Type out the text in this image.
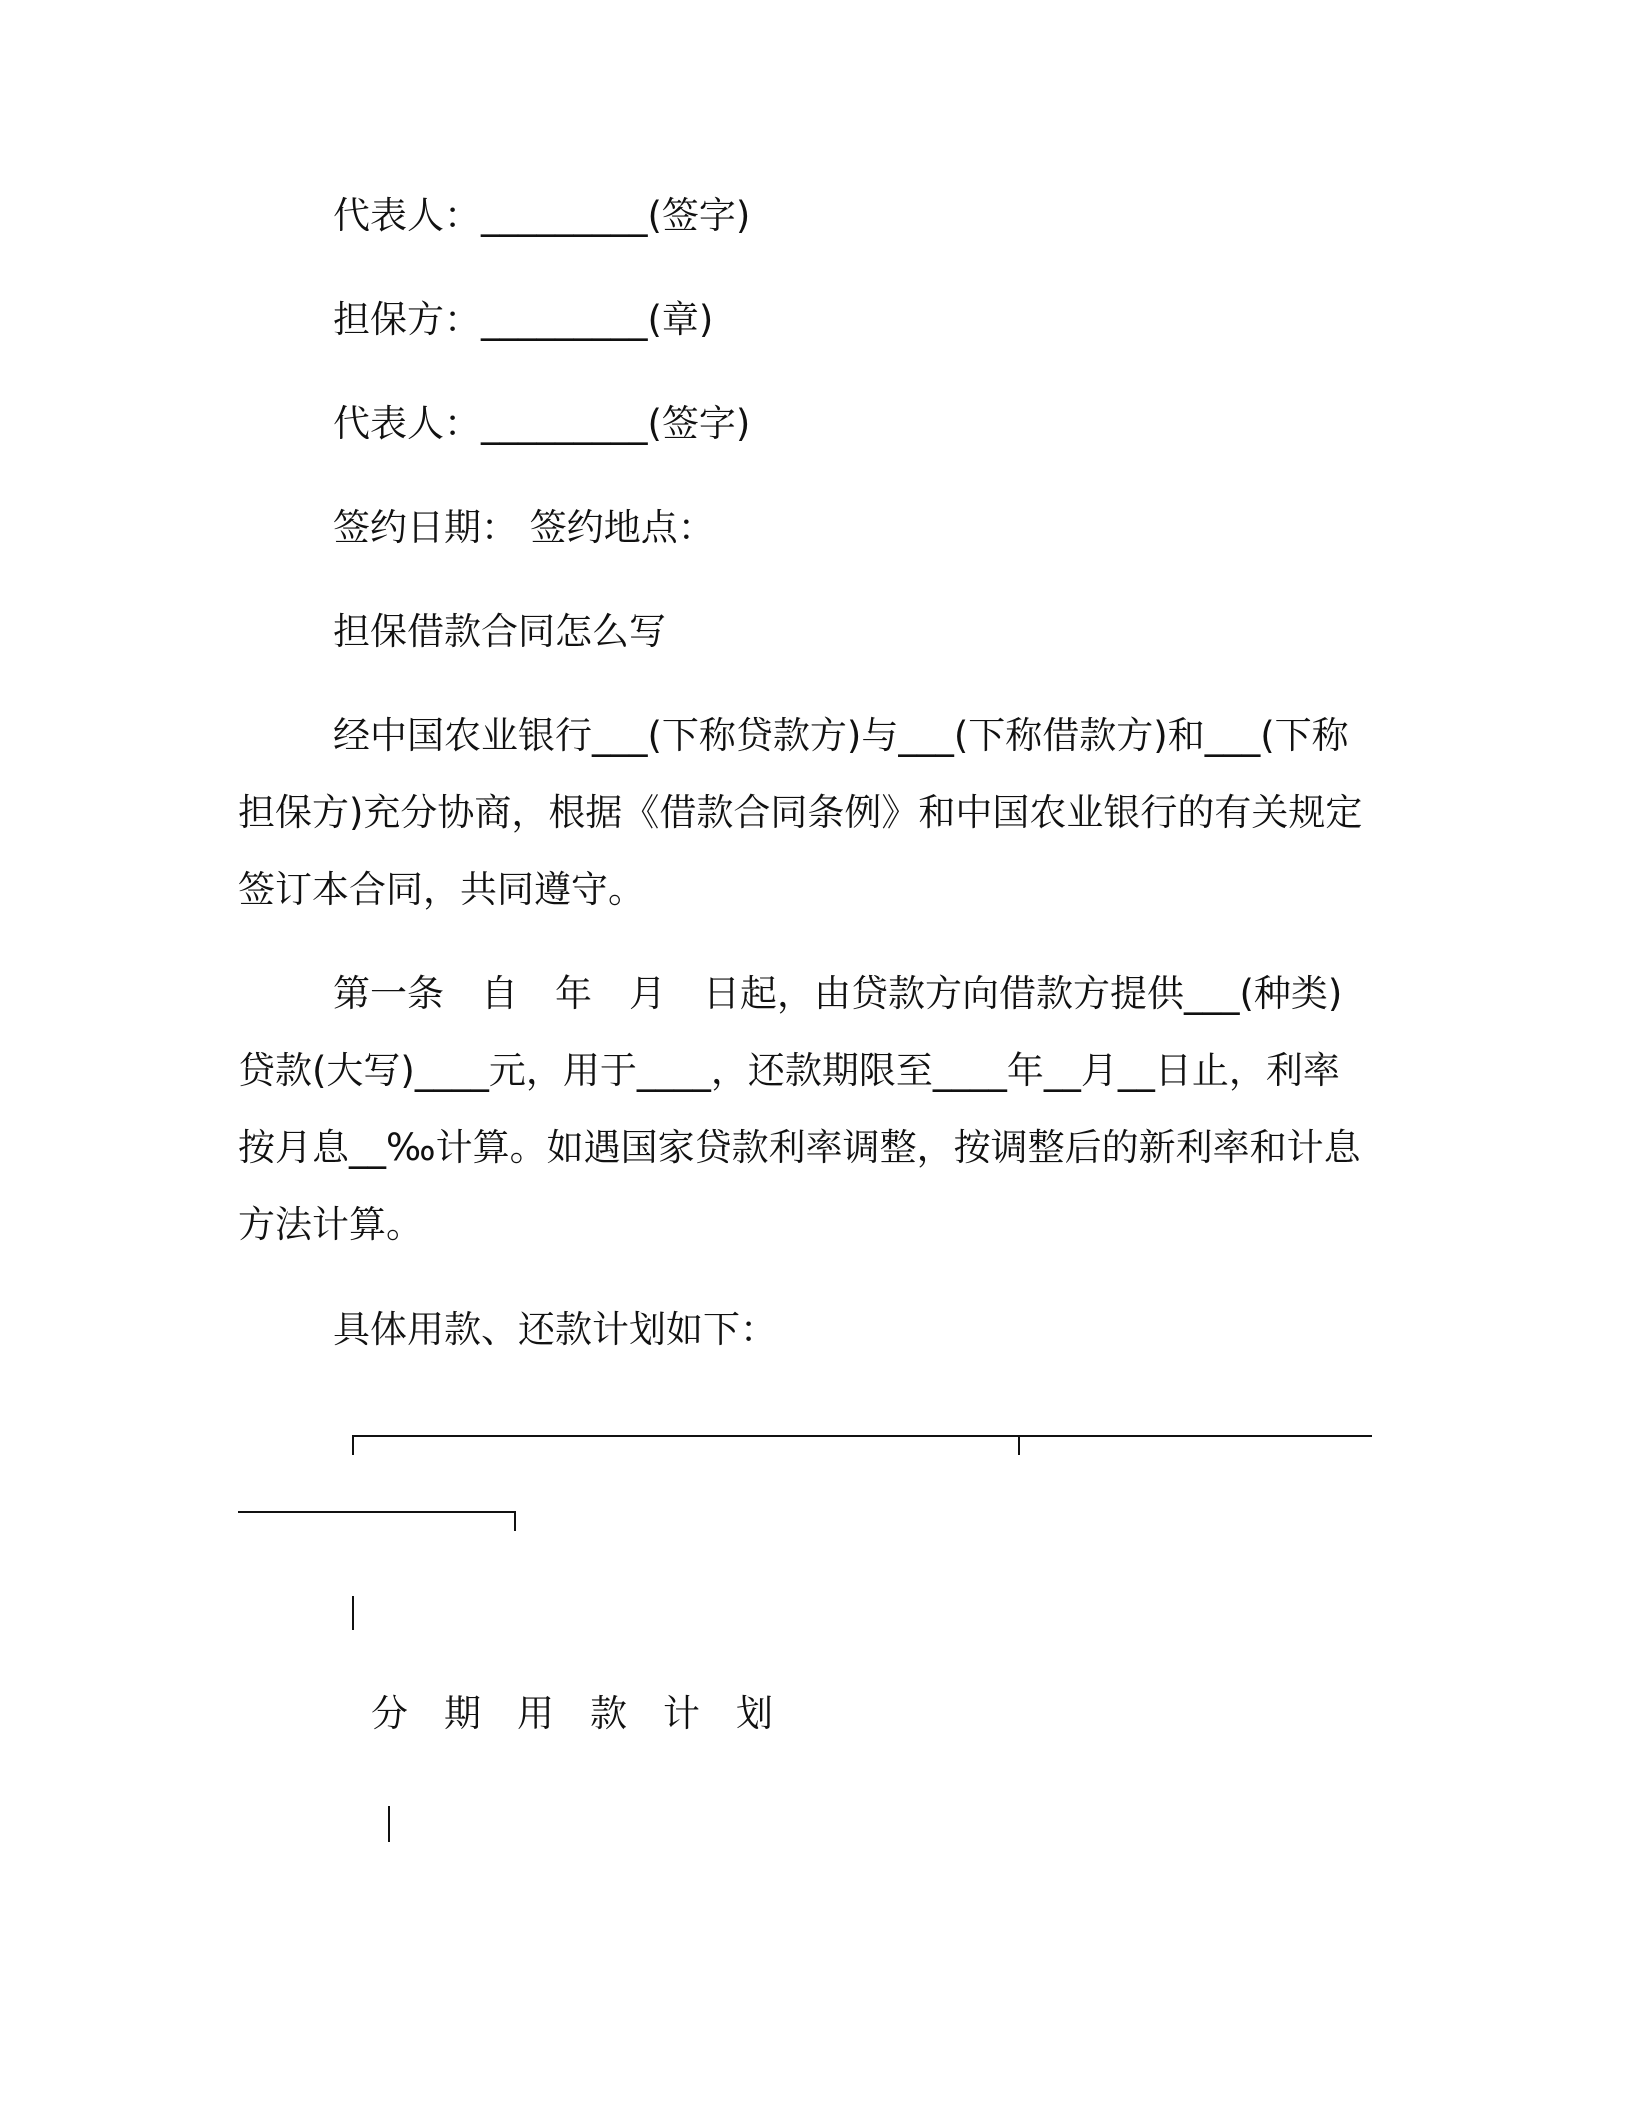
代表人：_________(签字)

担保方：_________(章)

代表人：_________(签字)

签约日期： 签约地点：

担保借款合同怎么写

经中国农业银行___(下称贷款方)与___(下称借款方)和___(下称

担保方)充分协商，根据《借款合同条例》和中国农业银行的有关规定

签订本合同，共同遵守。

第一条　自　年　月　日起，由贷款方向借款方提供___(种类)

贷款(大写)____元，用于____，还款期限至____年__月__日止，利率

按月息__‰计算。如遇国家贷款利率调整，按调整后的新利率和计息

方法计算。

具体用款、还款计划如下：

分期用款计划
